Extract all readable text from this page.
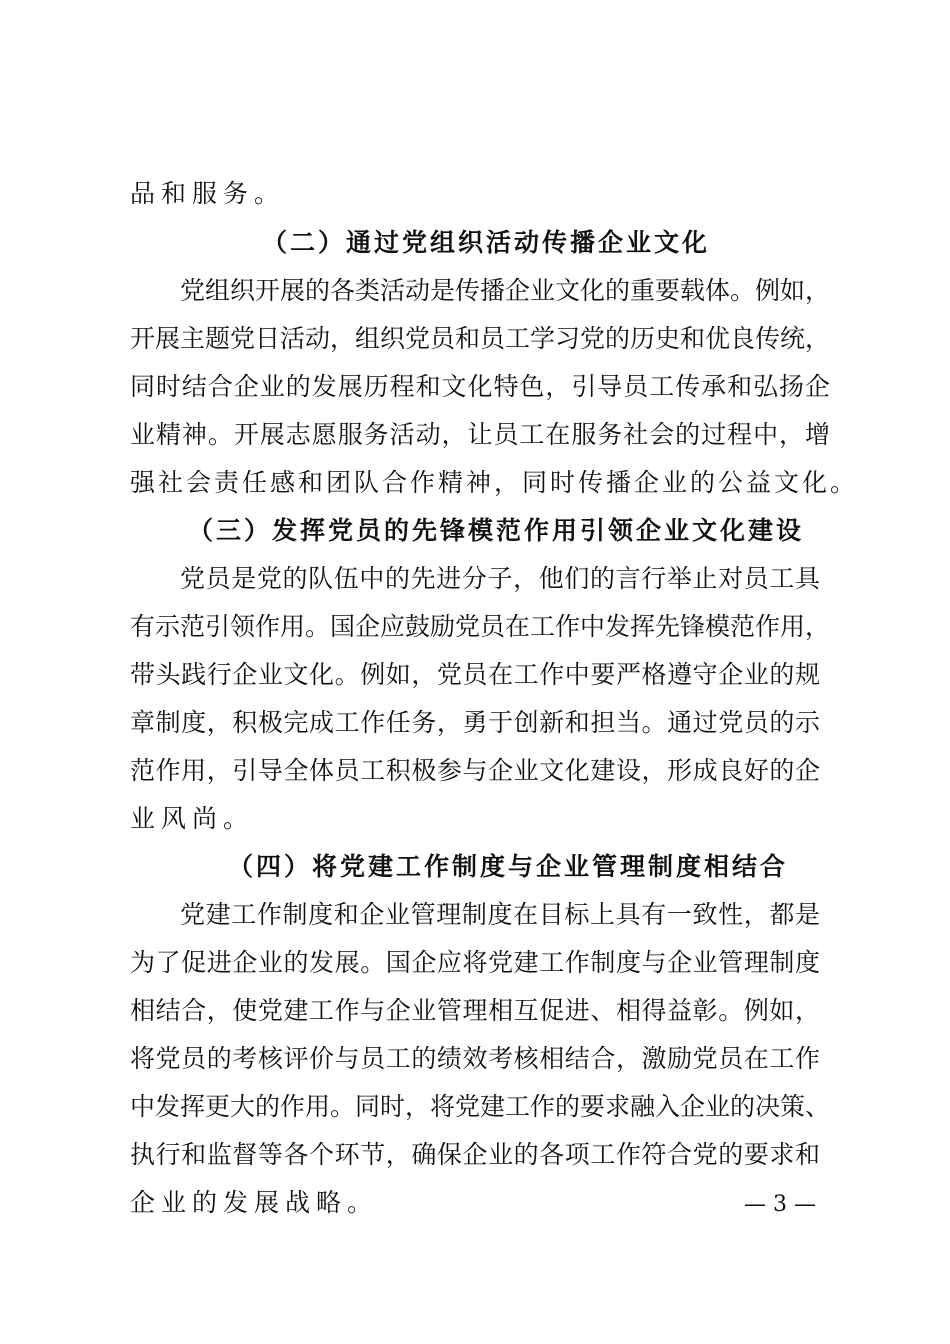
品和服务。
（二）通过党组织活动传播企业文化
党组织开展的各类活动是传播企业文化的重要载体。例如，
开展主题党日活动，组织党员和员工学习党的历史和优良传统，
同时结合企业的发展历程和文化特色，引导员工传承和弘扬企
业精神。开展志愿服务活动，让员工在服务社会的过程中，增
强社会责任感和团队合作精神，同时传播企业的公益文化。
（三）发挥党员的先锋模范作用引领企业文化建设
党员是党的队伍中的先进分子，他们的言行举止对员工具
有示范引领作用。国企应鼓励党员在工作中发挥先锋模范作用，
带头践行企业文化。例如，党员在工作中要严格遵守企业的规
章制度，积极完成工作任务，勇于创新和担当。通过党员的示
范作用，引导全体员工积极参与企业文化建设，形成良好的企
业风尚。
（四）将党建工作制度与企业管理制度相结合
党建工作制度和企业管理制度在目标上具有一致性，都是
为了促进企业的发展。国企应将党建工作制度与企业管理制度
相结合，使党建工作与企业管理相互促进、相得益彰。例如，
将党员的考核评价与员工的绩效考核相结合，激励党员在工作
中发挥更大的作用。同时，将党建工作的要求融入企业的决策、
执行和监督等各个环节，确保企业的各项工作符合党的要求和
企业的发展战略。	— 3 —
